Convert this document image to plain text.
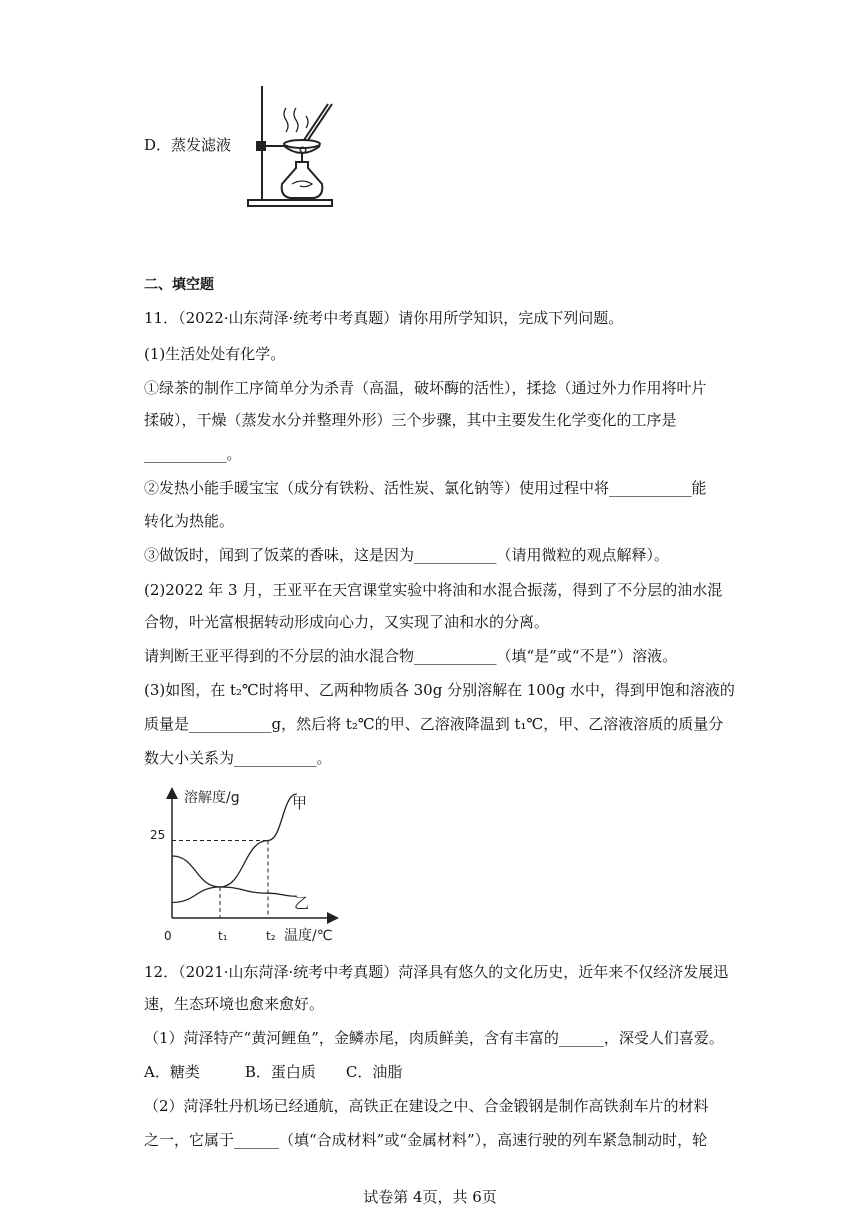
D．蒸发滤液
二、填空题
11．（2022·山东菏泽·统考中考真题）请你用所学知识，完成下列问题。
(1)生活处处有化学。
①绿茶的制作工序简单分为杀青（高温，破坏酶的活性），揉捻（通过外力作用将叶片
揉破），干燥（蒸发水分并整理外形）三个步骤，其中主要发生化学变化的工序是
___________。
②发热小能手暖宝宝（成分有铁粉、活性炭、氯化钠等）使用过程中将___________能
转化为热能。
③做饭时，闻到了饭菜的香味，这是因为___________（请用微粒的观点解释）。
(2)2022 年 3 月，王亚平在天宫课堂实验中将油和水混合振荡，得到了不分层的油水混
合物，叶光富根据转动形成向心力，又实现了油和水的分离。
请判断王亚平得到的不分层的油水混合物___________（填“是”或“不是”）溶液。
(3)如图，在 t₂℃时将甲、乙两种物质各 30g 分别溶解在 100g 水中，得到甲饱和溶液的
质量是___________g，然后将 t₂℃的甲、乙溶液降温到 t₁℃，甲、乙溶液溶质的质量分
数大小关系为___________。
溶解度/g
温度/℃
0	t₁	t₂
25
甲
乙
12．（2021·山东菏泽·统考中考真题）菏泽具有悠久的文化历史，近年来不仅经济发展迅
速，生态环境也愈来愈好。
（1）菏泽特产“黄河鲤鱼”，金鳞赤尾，肉质鲜美，含有丰富的______，深受人们喜爱。
A．糖类　　　B．蛋白质　　C．油脂
（2）菏泽牡丹机场已经通航，高铁正在建设之中、合金锻钢是制作高铁刹车片的材料
之一，它属于______（填“合成材料”或“金属材料”），高速行驶的列车紧急制动时，轮
试卷第 4页，共 6页
